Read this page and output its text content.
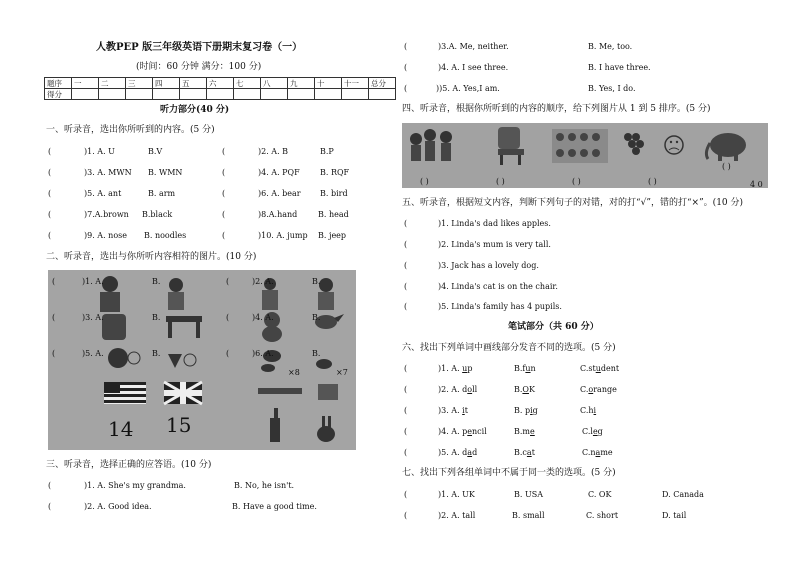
人教PEP 版三年级英语下册期末复习卷（一）
(时间：60 分钟 满分：100 分)
题序	一	二	三	四	五	六	七	八	九	十	十一	总分
得分												
听力部分(40 分)
一、听录音，选出你所听到的内容。(5 分)
(	)1. A. U	B.V	(	)2. A. B	B.P
(	)3. A. MWN B. WMN	(	)4. A. PQF	B. RQF
(	)5. A. ant	B. arm	(	)6. A. bear B. bird
(	)7.A.brown B.black	(	)8.A.hand	B. head
(	)9. A. nose B. noodles	(	)10. A. jump B. jeep
二、听录音，选出与你所听内容相符的图片。(10 分)
(	)1. A.	B.	(	)2. A.	B.
(	)3. A.	B.	(	)4. A.	B.
(	)5. A.	B.	(	)6. A.	B.
×8	×7
14 15
三、听录音，选择正确的应答语。(10 分)
(	)1. A. She's my grandma.	B. No, he isn't.
(	)2. A. Good idea.	B. Have a good time.
(	)3.A. Me, neither.	B. Me, too.
(	)4. A. I see three.	B. I have three.
(	))5. A. Yes,I am.	B. Yes, I do.
四、听录音，根据你所听到的内容的顺序，给下列图片从 1 到 5 排序。(5 分)
( )	( )	( )	( )
( )
4 0
五、听录音，根据短文内容，判断下列句子的对错，对的打“√”，错的打“×”。(10 分)
(	)1. Linda's dad likes apples.
(	)2. Linda's mum is very tall.
(	)3. Jack has a lovely dog.
(	)4. Linda's cat is on the chair.
(	)5. Linda's family has 4 pupils.
笔试部分（共 60 分）
六、找出下列单词中画线部分发音不同的选项。(5 分)
(	)1. A. up	B.fun	C.student
(	)2. A. doll	B.OK	C.orange
(	)3. A. it	B. pig	C.hi
(	)4. A. pencil	B.me	C.leg
(	)5. A. dad	B.cat	C.name
七、找出下列各组单词中不属于同一类的选项。(5 分)
(	)1. A. UK	B. USA	C. OK	D. Canada
(	)2. A. tall	B. small	C. short	D. tail
